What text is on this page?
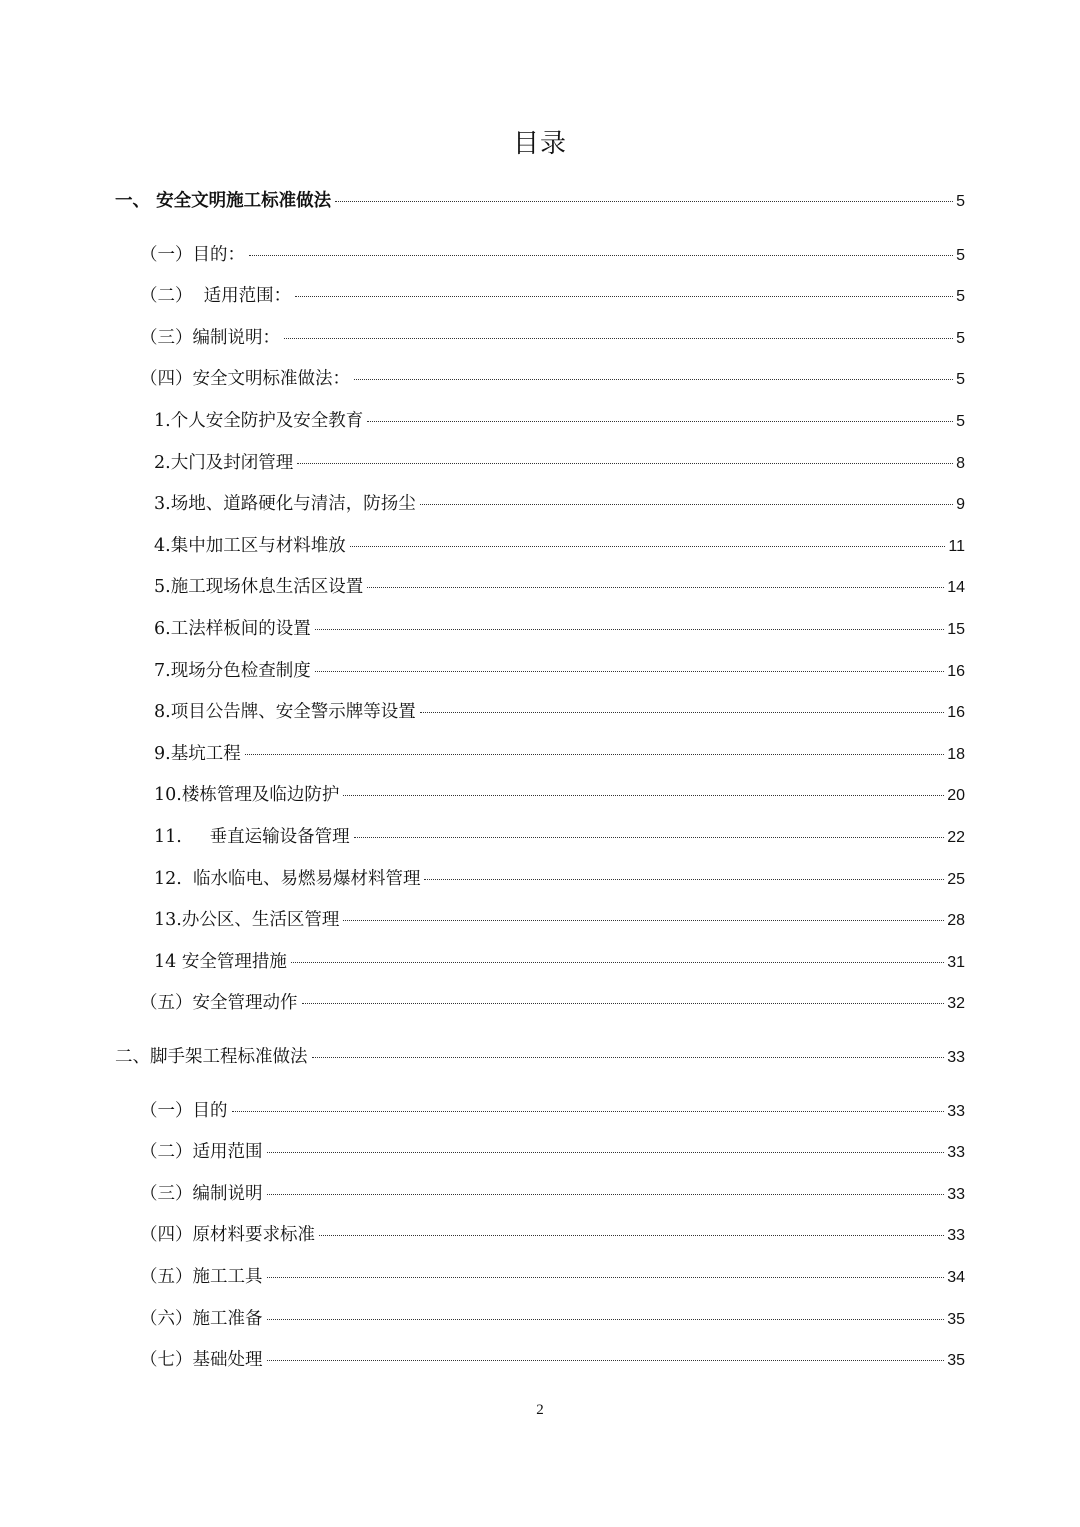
目录
一、 安全文明施工标准做法	5
（一）目的：	5
（二）  适用范围：	5
（三）编制说明：	5
（四）安全文明标准做法：	5
1.个人安全防护及安全教育	5
2.大门及封闭管理	8
3.场地、道路硬化与清洁，防扬尘	9
4.集中加工区与材料堆放	11
5.施工现场休息生活区设置	14
6.工法样板间的设置	15
7.现场分色检查制度	16
8.项目公告牌、安全警示牌等设置	16
9.基坑工程	18
10.楼栋管理及临边防护	20
11.     垂直运输设备管理	22
12.  临水临电、易燃易爆材料管理	25
13.办公区、生活区管理	28
14 安全管理措施	31
（五）安全管理动作	32
二、脚手架工程标准做法	33
（一）目的	33
（二）适用范围	33
（三）编制说明	33
（四）原材料要求标准	33
（五）施工工具	34
（六）施工准备	35
（七）基础处理	35
2
